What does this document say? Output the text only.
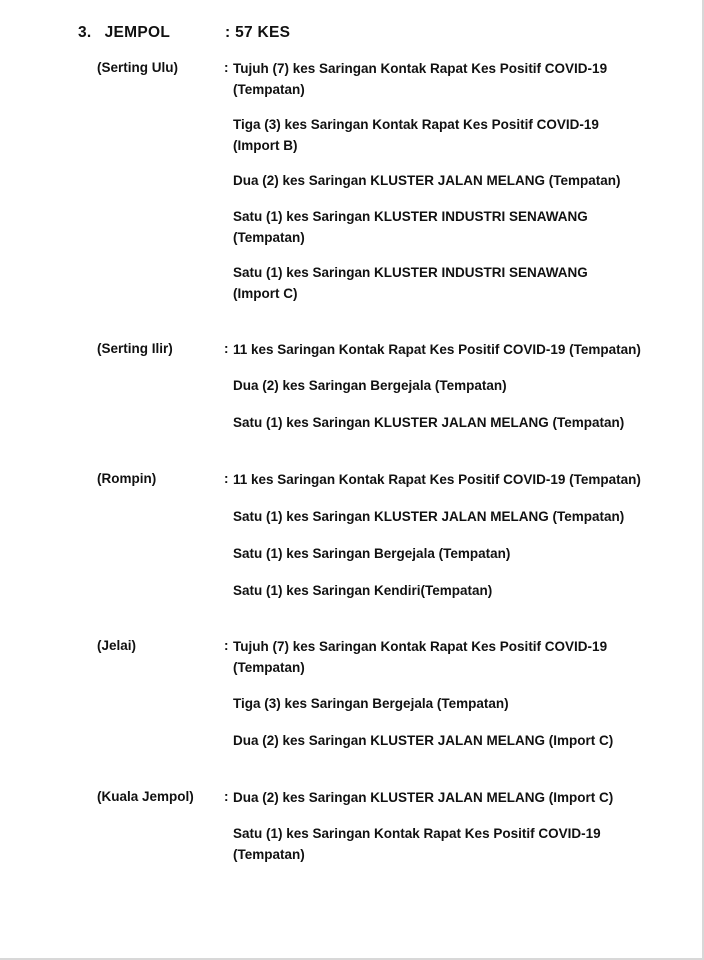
3. JEMPOL	: 57 KES
(Serting Ulu)	: Tujuh (7) kes Saringan Kontak Rapat Kes Positif COVID-19 (Tempatan)
Tiga (3) kes Saringan Kontak Rapat Kes Positif COVID-19 (Import B)
Dua (2) kes Saringan KLUSTER JALAN MELANG (Tempatan)
Satu (1) kes Saringan KLUSTER INDUSTRI SENAWANG (Tempatan)
Satu (1) kes Saringan KLUSTER INDUSTRI SENAWANG (Import C)
(Serting Ilir)	: 11 kes Saringan Kontak Rapat Kes Positif COVID-19 (Tempatan)
Dua (2) kes Saringan Bergejala (Tempatan)
Satu (1) kes Saringan KLUSTER JALAN MELANG (Tempatan)
(Rompin)	: 11 kes Saringan Kontak Rapat Kes Positif COVID-19 (Tempatan)
Satu (1) kes Saringan KLUSTER JALAN MELANG (Tempatan)
Satu (1) kes Saringan Bergejala (Tempatan)
Satu (1) kes Saringan Kendiri(Tempatan)
(Jelai)	: Tujuh (7) kes Saringan Kontak Rapat Kes Positif COVID-19 (Tempatan)
Tiga (3) kes Saringan Bergejala (Tempatan)
Dua (2) kes Saringan KLUSTER JALAN MELANG (Import C)
(Kuala Jempol) : Dua (2) kes Saringan KLUSTER JALAN MELANG (Import C)
Satu (1) kes Saringan Kontak Rapat Kes Positif COVID-19 (Tempatan)
